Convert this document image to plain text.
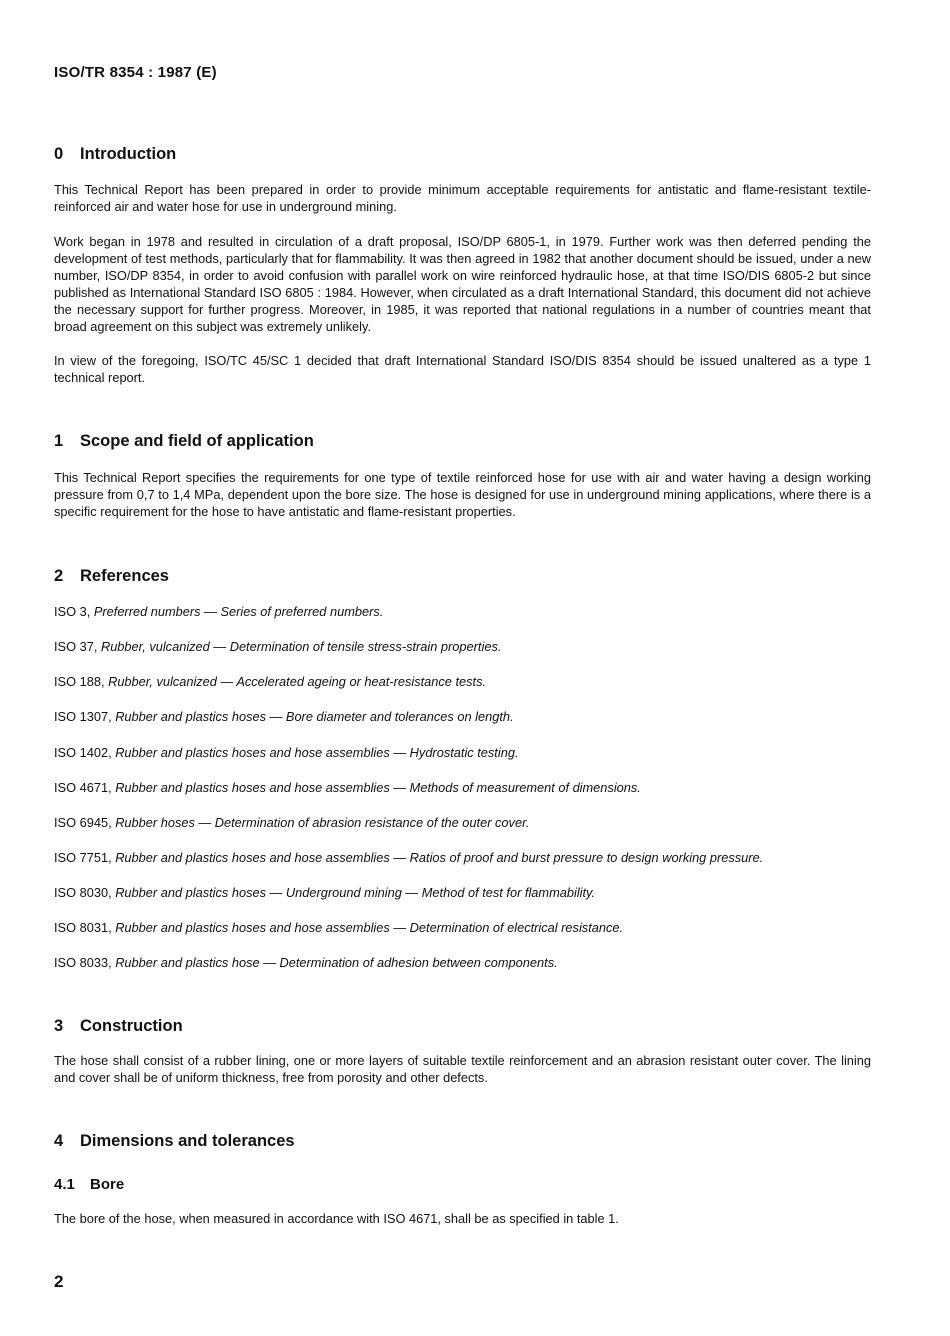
ISO/TR 8354 : 1987 (E)
0 Introduction
This Technical Report has been prepared in order to provide minimum acceptable requirements for antistatic and flame-resistant textile-reinforced air and water hose for use in underground mining.
Work began in 1978 and resulted in circulation of a draft proposal, ISO/DP 6805-1, in 1979. Further work was then deferred pending the development of test methods, particularly that for flammability. It was then agreed in 1982 that another document should be issued, under a new number, ISO/DP 8354, in order to avoid confusion with parallel work on wire reinforced hydraulic hose, at that time ISO/DIS 6805-2 but since published as International Standard ISO 6805 : 1984. However, when circulated as a draft International Standard, this document did not achieve the necessary support for further progress. Moreover, in 1985, it was reported that national regulations in a number of countries meant that broad agreement on this subject was extremely unlikely.
In view of the foregoing, ISO/TC 45/SC 1 decided that draft International Standard ISO/DIS 8354 should be issued unaltered as a type 1 technical report.
1 Scope and field of application
This Technical Report specifies the requirements for one type of textile reinforced hose for use with air and water having a design working pressure from 0,7 to 1,4 MPa, dependent upon the bore size. The hose is designed for use in underground mining applications, where there is a specific requirement for the hose to have antistatic and flame-resistant properties.
2 References
ISO 3, Preferred numbers — Series of preferred numbers.
ISO 37, Rubber, vulcanized — Determination of tensile stress-strain properties.
ISO 188, Rubber, vulcanized — Accelerated ageing or heat-resistance tests.
ISO 1307, Rubber and plastics hoses — Bore diameter and tolerances on length.
ISO 1402, Rubber and plastics hoses and hose assemblies — Hydrostatic testing.
ISO 4671, Rubber and plastics hoses and hose assemblies — Methods of measurement of dimensions.
ISO 6945, Rubber hoses — Determination of abrasion resistance of the outer cover.
ISO 7751, Rubber and plastics hoses and hose assemblies — Ratios of proof and burst pressure to design working pressure.
ISO 8030, Rubber and plastics hoses — Underground mining — Method of test for flammability.
ISO 8031, Rubber and plastics hoses and hose assemblies — Determination of electrical resistance.
ISO 8033, Rubber and plastics hose — Determination of adhesion between components.
3 Construction
The hose shall consist of a rubber lining, one or more layers of suitable textile reinforcement and an abrasion resistant outer cover. The lining and cover shall be of uniform thickness, free from porosity and other defects.
4 Dimensions and tolerances
4.1 Bore
The bore of the hose, when measured in accordance with ISO 4671, shall be as specified in table 1.
2
